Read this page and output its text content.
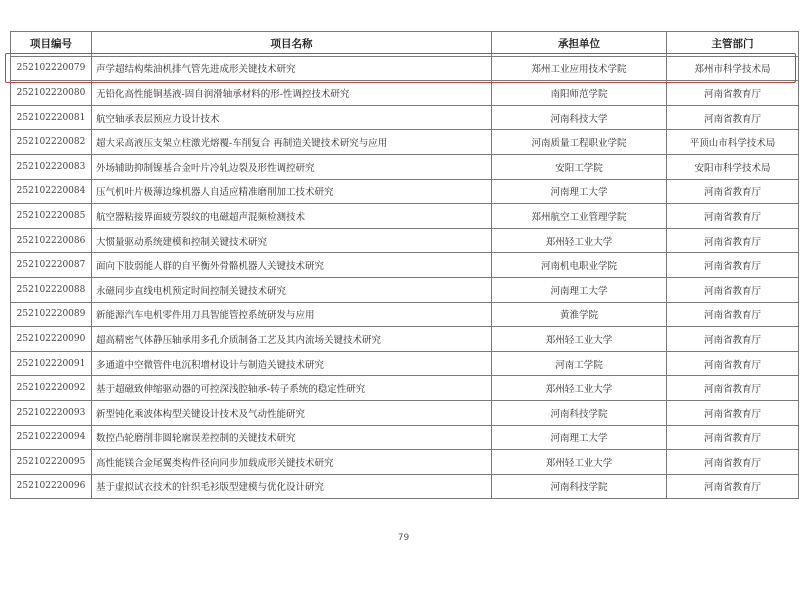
项目编号	项目名称	承担单位	主管部门
252102220079	声学超结构柴油机排气管先进成形关键技术研究	郑州工业应用技术学院	郑州市科学技术局
252102220080	无铅化高性能铜基液-固自润滑轴承材料的形-性调控技术研究	南阳师范学院	河南省教育厅
252102220081	航空轴承表层预应力设计技术	河南科技大学	河南省教育厅
252102220082	超大采高液压支架立柱激光熔覆-车削复合 再制造关键技术研究与应用	河南质量工程职业学院	平顶山市科学技术局
252102220083	外场辅助抑制镍基合金叶片冷轧边裂及形性调控研究	安阳工学院	安阳市科学技术局
252102220084	压气机叶片极薄边缘机器人自适应精准磨削加工技术研究	河南理工大学	河南省教育厅
252102220085	航空器粘接界面疲劳裂纹的电磁超声混频检测技术	郑州航空工业管理学院	河南省教育厅
252102220086	大惯量驱动系统建模和控制关键技术研究	郑州轻工业大学	河南省教育厅
252102220087	面向下肢弱能人群的自平衡外骨骼机器人关键技术研究	河南机电职业学院	河南省教育厅
252102220088	永磁同步直线电机预定时间控制关键技术研究	河南理工大学	河南省教育厅
252102220089	新能源汽车电机零件用刀具智能管控系统研发与应用	黄淮学院	河南省教育厅
252102220090	超高精密气体静压轴承用多孔介质制备工艺及其内流场关键技术研究	郑州轻工业大学	河南省教育厅
252102220091	多通道中空微管件电沉积增材设计与制造关键技术研究	河南工学院	河南省教育厅
252102220092	基于超磁致伸缩驱动器的可控深浅腔轴承-转子系统的稳定性研究	郑州轻工业大学	河南省教育厅
252102220093	新型钝化乘波体构型关键设计技术及气动性能研究	河南科技学院	河南省教育厅
252102220094	数控凸轮磨削非圆轮廓误差控制的关键技术研究	河南理工大学	河南省教育厅
252102220095	高性能镁合金尾翼类构件径向同步加载成形关键技术研究	郑州轻工业大学	河南省教育厅
252102220096	基于虚拟试衣技术的针织毛衫版型建模与优化设计研究	河南科技学院	河南省教育厅
79
